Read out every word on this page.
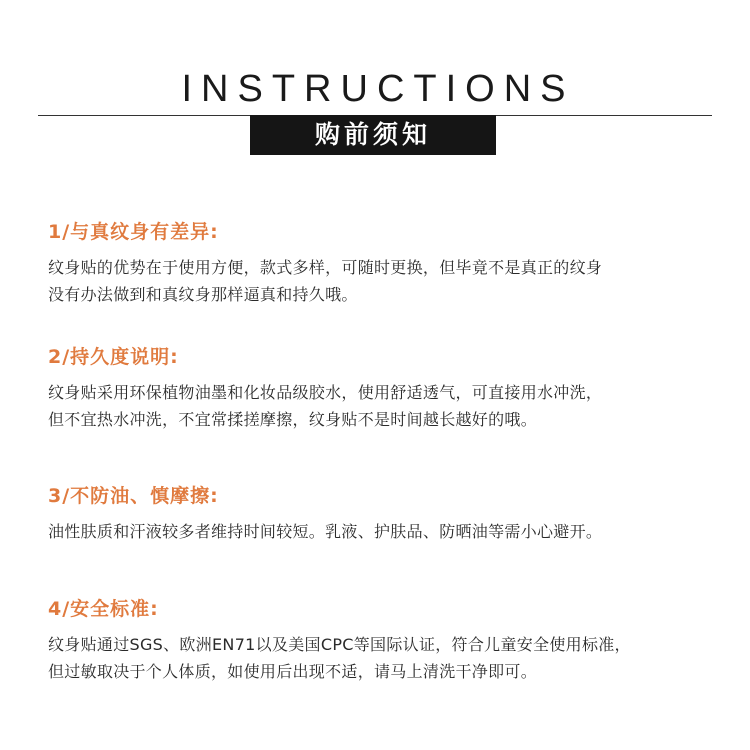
INSTRUCTIONS
购前须知
1/与真纹身有差异:
纹身贴的优势在于使用方便，款式多样，可随时更换，但毕竟不是真正的纹身
没有办法做到和真纹身那样逼真和持久哦。
2/持久度说明:
纹身贴采用环保植物油墨和化妆品级胶水，使用舒适透气，可直接用水冲洗，
但不宜热水冲洗，不宜常揉搓摩擦，纹身贴不是时间越长越好的哦。
3/不防油、慎摩擦:
油性肤质和汗液较多者维持时间较短。乳液、护肤品、防晒油等需小心避开。
4/安全标准:
纹身贴通过SGS、欧洲EN71以及美国CPC等国际认证，符合儿童安全使用标准，
但过敏取决于个人体质，如使用后出现不适，请马上清洗干净即可。
